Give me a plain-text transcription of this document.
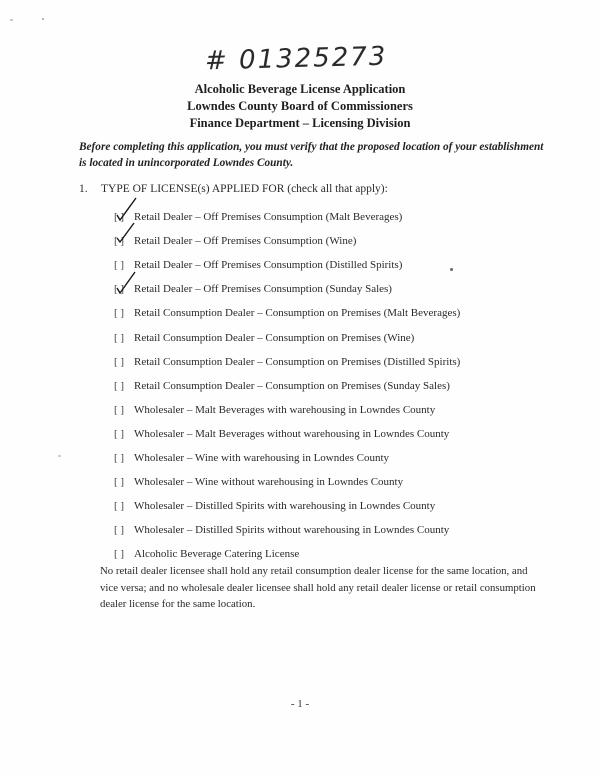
# 01325273
Alcoholic Beverage License Application
Lowndes County Board of Commissioners
Finance Department – Licensing Division
Before completing this application, you must verify that the proposed location of your establishment is located in unincorporated Lowndes County.
1. TYPE OF LICENSE(s) APPLIED FOR (check all that apply):
[ ] Retail Dealer – Off Premises Consumption (Malt Beverages)
[ ] Retail Dealer – Off Premises Consumption (Wine)
[ ] Retail Dealer – Off Premises Consumption (Distilled Spirits)
[ ] Retail Dealer – Off Premises Consumption (Sunday Sales)
[ ] Retail Consumption Dealer – Consumption on Premises (Malt Beverages)
[ ] Retail Consumption Dealer – Consumption on Premises (Wine)
[ ] Retail Consumption Dealer – Consumption on Premises (Distilled Spirits)
[ ] Retail Consumption Dealer – Consumption on Premises (Sunday Sales)
[ ] Wholesaler – Malt Beverages with warehousing in Lowndes County
[ ] Wholesaler – Malt Beverages without warehousing in Lowndes County
[ ] Wholesaler – Wine with warehousing in Lowndes County
[ ] Wholesaler – Wine without warehousing in Lowndes County
[ ] Wholesaler – Distilled Spirits with warehousing in Lowndes County
[ ] Wholesaler – Distilled Spirits without warehousing in Lowndes County
[ ] Alcoholic Beverage Catering License
No retail dealer licensee shall hold any retail consumption dealer license for the same location, and vice versa; and no wholesale dealer licensee shall hold any retail dealer license or retail consumption dealer license for the same location.
- 1 -
